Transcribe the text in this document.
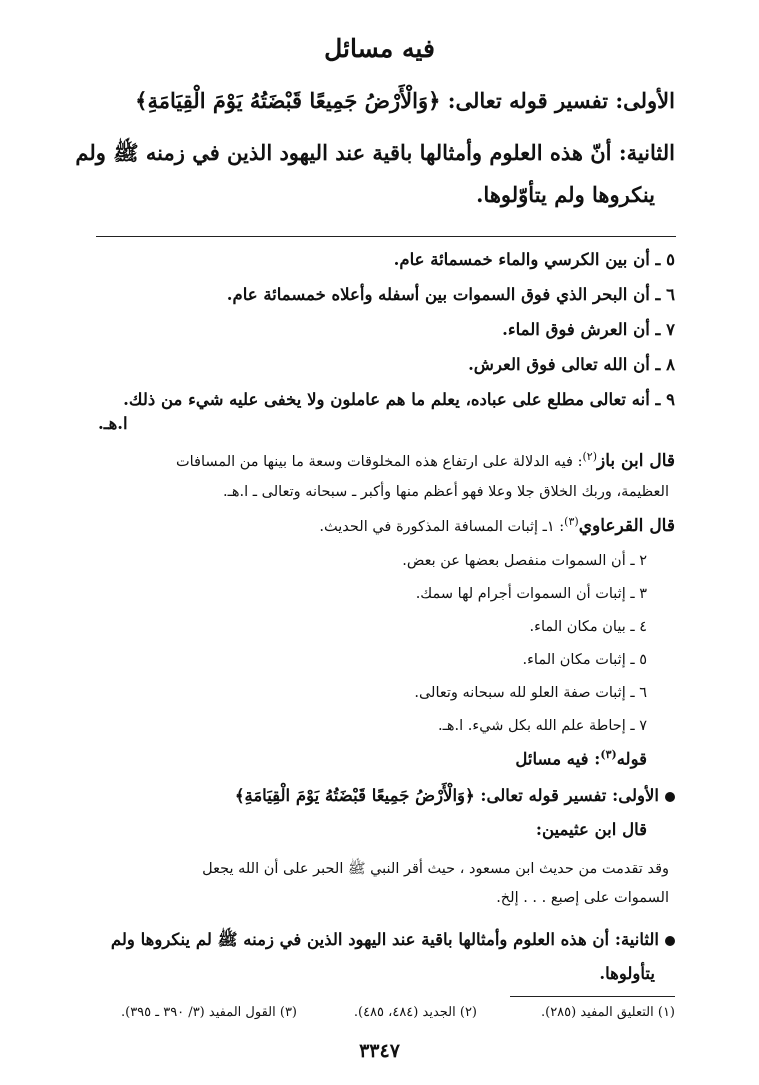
فيه مسائل
الأولى: تفسير قوله تعالى: ﴿وَالْأَرْضُ جَمِيعًا قَبْضَتُهُ يَوْمَ الْقِيَامَةِ﴾
الثانية: أنّ هذه العلوم وأمثالها باقية عند اليهود الذين في زمنه ﷺ ولم
ينكروها ولم يتأوّلوها.
٥ ـ أن بين الكرسي والماء خمسمائة عام.
٦ ـ أن البحر الذي فوق السموات بين أسفله وأعلاه خمسمائة عام.
٧ ـ أن العرش فوق الماء.
٨ ـ أن الله تعالى فوق العرش.
٩ ـ أنه تعالى مطلع على عباده، يعلم ما هم عاملون ولا يخفى عليه شيء من ذلك.
ا.هـ.
قال ابن باز$^{(٢)}$: فيه الدلالة على ارتفاع هذه المخلوقات وسعة ما بينها من المسافات
العظيمة، وربك الخلاق جلا وعلا فهو أعظم منها وأكبر ـ سبحانه وتعالى ـ ا.هـ.
قال القرعاوي$^{(٣)}$: ١ـ إثبات المسافة المذكورة في الحديث.
٢ ـ أن السموات منفصل بعضها عن بعض.
٣ ـ إثبات أن السموات أجرام لها سمك.
٤ ـ بيان مكان الماء.
٥ ـ إثبات مكان الماء.
٦ ـ إثبات صفة العلو لله سبحانه وتعالى.
٧ ـ إحاطة علم الله بكل شيء. ا.هـ.
قوله$^{(٣)}$: فيه مسائل
الأولى: تفسير قوله تعالى: ﴿وَالْأَرْضُ جَمِيعًا قَبْضَتُهُ يَوْمَ الْقِيَامَةِ﴾
قال ابن عثيمين:
وقد تقدمت من حديث ابن مسعود ، حيث أقر النبي ﷺ الحبر على أن الله يجعل
السموات على إصبع . . . إلخ.
الثانية: أن هذه العلوم وأمثالها باقية عند اليهود الذين في زمنه ﷺ لم ينكروها ولم
يتأولوها.
(١) التعليق المفيد (٢٨٥).
(٢) الجديد (٤٨٤، ٤٨٥).
(٣) القول المفيد (٣/ ٣٩٠ ـ ٣٩٥).
٣٣٤٧
